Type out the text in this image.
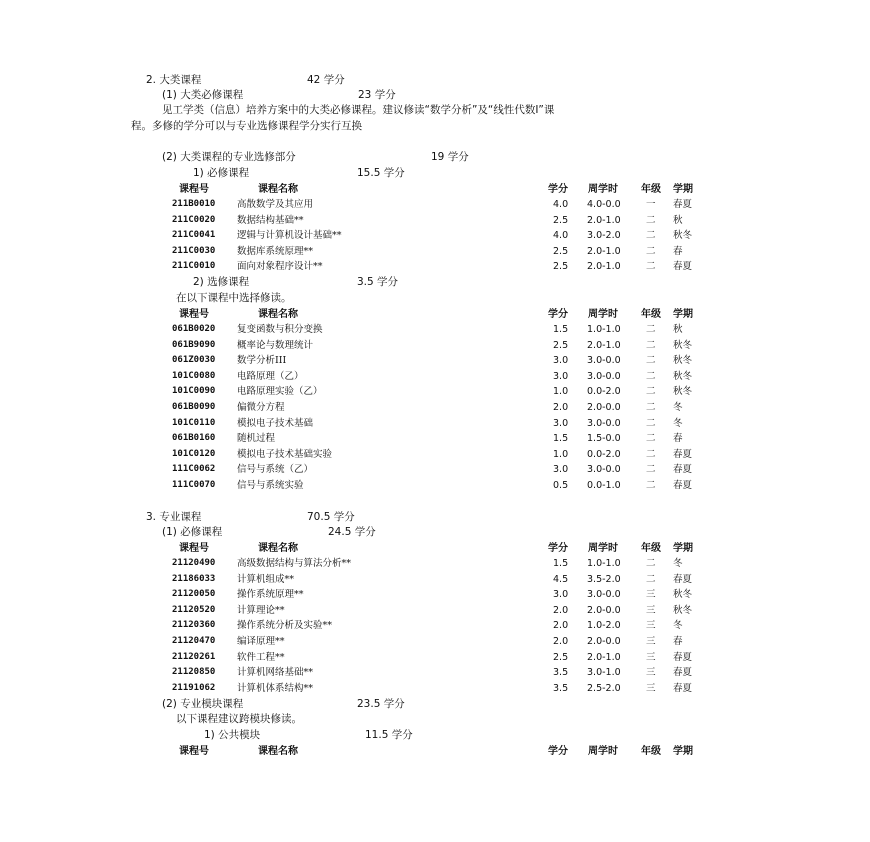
2. 大类课程	42 学分
(1) 大类必修课程	23 学分
见工学类（信息）培养方案中的大类必修课程。建议修读“数学分析”及“线性代数Ⅰ”课
程。多修的学分可以与专业选修课程学分实行互换
(2) 大类课程的专业选修部分	19 学分
1) 必修课程	15.5 学分
课程号	课程名称	学分 周学时 年级 学期
211B0010 高散数学及其应用	4.0 4.0-0.0	一 春夏
211C0020 数据结构基础**	2.5 2.0-1.0	二 秋
211C0041 逻辑与计算机设计基础**	4.0 3.0-2.0	二 秋冬
211C0030 数据库系统原理**	2.5 2.0-1.0	二 春
211C0010 面向对象程序设计**	2.5 2.0-1.0	二 春夏
2) 选修课程	3.5 学分
在以下课程中选择修读。
课程号	课程名称	学分 周学时 年级 学期
061B0020 复变函数与积分变换	1.5 1.0-1.0	二 秋
061B9090 概率论与数理统计	2.5 2.0-1.0	二 秋冬
061Z0030 数学分析III	3.0 3.0-0.0	二 秋冬
101C0080 电路原理（乙）	3.0 3.0-0.0	二 秋冬
101C0090 电路原理实验（乙）	1.0 0.0-2.0	二 秋冬
061B0090 偏微分方程	2.0 2.0-0.0	二 冬
101C0110 模拟电子技术基础	3.0 3.0-0.0	二 冬
061B0160 随机过程	1.5 1.5-0.0	二 春
101C0120 模拟电子技术基础实验	1.0 0.0-2.0	二 春夏
111C0062 信号与系统（乙）	3.0 3.0-0.0	二 春夏
111C0070 信号与系统实验	0.5 0.0-1.0	二 春夏
3. 专业课程	70.5 学分
(1) 必修课程	24.5 学分
课程号	课程名称	学分 周学时 年级 学期
21120490 高级数据结构与算法分析**	1.5 1.0-1.0	二 冬
21186033 计算机组成**	4.5 3.5-2.0	二 春夏
21120050 操作系统原理**	3.0 3.0-0.0	三 秋冬
21120520 计算理论**	2.0 2.0-0.0	三 秋冬
21120360 操作系统分析及实验**	2.0 1.0-2.0	三 冬
21120470 编译原理**	2.0 2.0-0.0	三 春
21120261 软件工程**	2.5 2.0-1.0	三 春夏
21120850 计算机网络基础**	3.5 3.0-1.0	三 春夏
21191062 计算机体系结构**	3.5 2.5-2.0	三 春夏
(2) 专业模块课程	23.5 学分
以下课程建议跨模块修读。
1) 公共模块	11.5 学分
课程号	课程名称	学分 周学时 年级 学期
